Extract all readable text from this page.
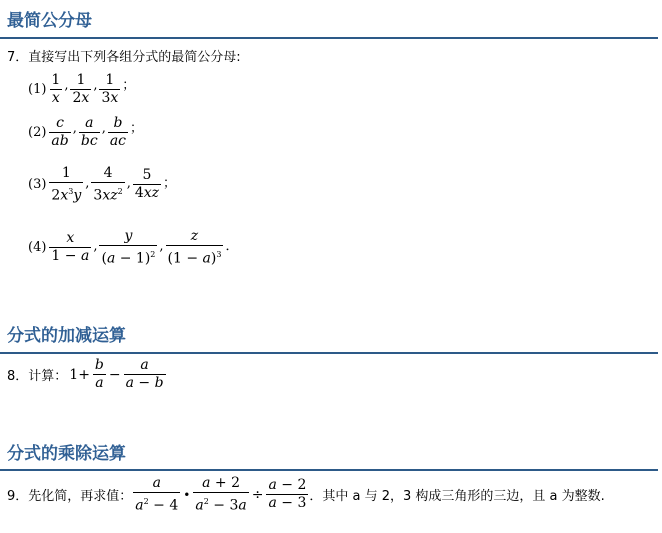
最简公分母
7．直接写出下列各组分式的最简公分母:
$(1) \frac{1}{x}$ , $\frac{1}{2x}$ , $\frac{1}{3x}$ ；
$(2) \frac{c}{ab}$ , $\frac{a}{bc}$ , $\frac{b}{ac}$ ；
$(3) \frac{1}{2x^3y}$ , $\frac{4}{3xz^2}$ , $\frac{5}{4xz}$ ；
$(4) \frac{x}{1 - a}$ , $\frac{y}{(a - 1)^2}$ , $\frac{z}{(1 - a)^3}$ ．
分式的加减运算
8．计算： $1+ \frac{b}{a} - \frac{a}{a - b}$
分式的乘除运算
9．先化简，再求值： $\frac{a}{a^2 - 4}$ • $\frac{a + 2}{a^2 - 3a} \div \frac{a - 2}{a - 3}$ ．其中 a 与 2，3 构成三角形的三边，且 a 为整数.
